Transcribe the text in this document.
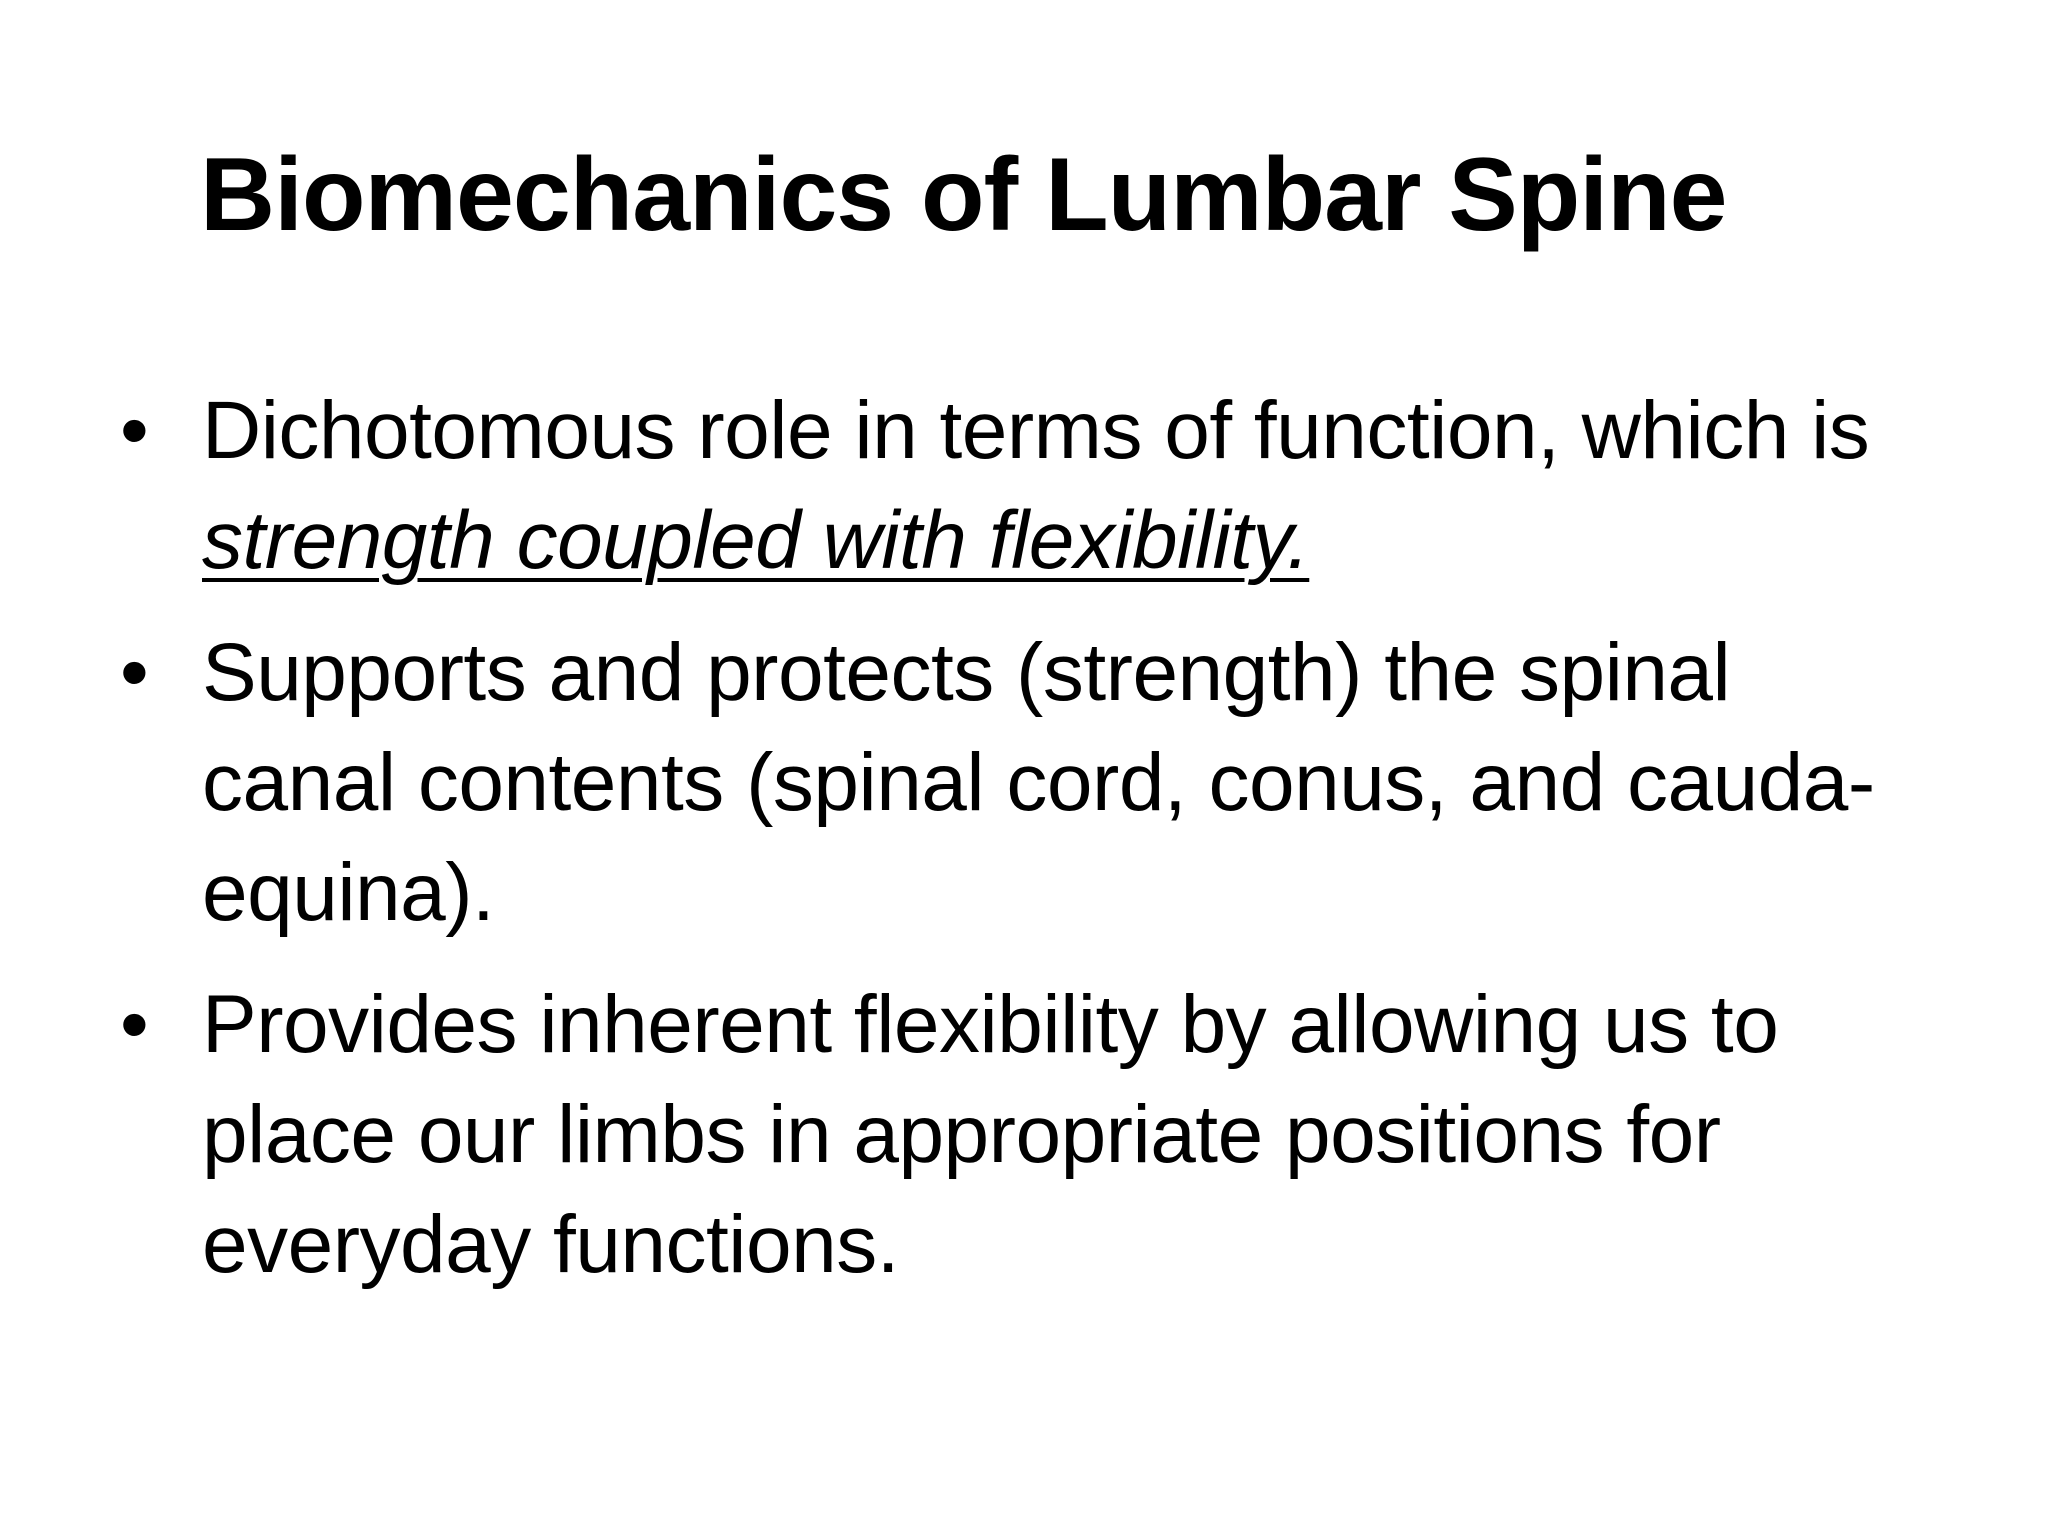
Biomechanics of Lumbar Spine
• Dichotomous role in terms of function, which is strength coupled with flexibility.
• Supports and protects (strength) the spinal canal contents (spinal cord, conus, and cauda-equina).
• Provides inherent flexibility by allowing us to place our limbs in appropriate positions for everyday functions.
